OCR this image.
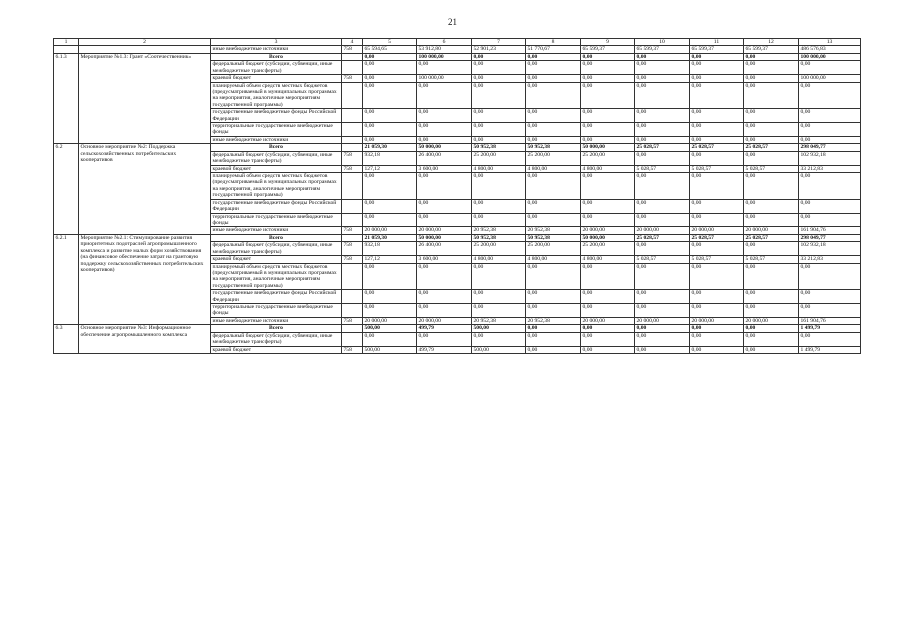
21
1	2	3	4	5	6	7	8	9	10	11	12	13
		иные внебюджетные источники	758	65 594,65	53 912,80	52 901,23	51 770,67	65 599,37	65 599,37	65 599,37	65 599,37	486 576,83
6.1.3	Мероприятие №1.3: Грант «Соотечественник»	Всего		0,00	100 000,00	0,00	0,00	0,00	0,00	0,00	0,00	100 000,00
		федеральный бюджет (субсидии, субвенции, иные межбюджетные трансферты)		0,00	0,00	0,00	0,00	0,00	0,00	0,00	0,00	0,00
		краевой бюджет	758	0,00	100 000,00	0,00	0,00	0,00	0,00	0,00	0,00	100 000,00
		планируемый объем средств местных бюджетов (предусматриваемый в муниципальных программах на мероприятия, аналогичные мероприятиям государственной программы)		0,00	0,00	0,00	0,00	0,00	0,00	0,00	0,00	0,00
		государственные внебюджетные фонды Российской Федерации		0,00	0,00	0,00	0,00	0,00	0,00	0,00	0,00	0,00
		территориальные государственные внебюджетные фонды		0,00	0,00	0,00	0,00	0,00	0,00	0,00	0,00	0,00
		иные внебюджетные источники		0,00	0,00	0,00	0,00	0,00	0,00	0,00	0,00	0,00
6.2	Основное мероприятие №2: Поддержка сельскохозяйственных потребительских кооперативов	Всего		21 059,30	50 000,00	50 952,38	50 952,38	50 000,00	25 028,57	25 028,57	25 028,57	298 049,77
		федеральный бюджет (субсидии, субвенции, иные межбюджетные трансферты)	758	932,18	26 400,00	25 200,00	25 200,00	25 200,00	0,00	0,00	0,00	102 932,18
		краевой бюджет	758	127,12	3 600,00	4 800,00	4 800,00	4 800,00	5 028,57	5 028,57	5 028,57	33 212,83
		планируемый объем средств местных бюджетов (предусматриваемый в муниципальных программах на мероприятия, аналогичные мероприятиям государственной программы)		0,00	0,00	0,00	0,00	0,00	0,00	0,00	0,00	0,00
		государственные внебюджетные фонды Российской Федерации		0,00	0,00	0,00	0,00	0,00	0,00	0,00	0,00	0,00
		территориальные государственные внебюджетные фонды		0,00	0,00	0,00	0,00	0,00	0,00	0,00	0,00	0,00
		иные внебюджетные источники	758	20 000,00	20 000,00	20 952,38	20 952,38	20 000,00	20 000,00	20 000,00	20 000,00	161 904,76
6.2.1	Мероприятие №2.1: Стимулирование развития приоритетных подотраслей агропромышленного комплекса и развитие малых форм хозяйствования (на финансовое обеспечение затрат на грантовую поддержку сельскохозяйственных потребительских кооперативов)	Всего		21 059,30	50 000,00	50 952,38	50 952,38	50 000,00	25 028,57	25 028,57	25 028,57	298 049,77
		федеральный бюджет (субсидии, субвенции, иные межбюджетные трансферты)	758	932,18	26 400,00	25 200,00	25 200,00	25 200,00	0,00	0,00	0,00	102 932,18
		краевой бюджет	758	127,12	3 600,00	4 800,00	4 800,00	4 800,00	5 028,57	5 028,57	5 028,57	33 212,83
		планируемый объем средств местных бюджетов (предусматриваемый в муниципальных программах на мероприятия, аналогичные мероприятиям государственной программы)		0,00	0,00	0,00	0,00	0,00	0,00	0,00	0,00	0,00
		государственные внебюджетные фонды Российской Федерации		0,00	0,00	0,00	0,00	0,00	0,00	0,00	0,00	0,00
		территориальные государственные внебюджетные фонды		0,00	0,00	0,00	0,00	0,00	0,00	0,00	0,00	0,00
		иные внебюджетные источники	758	20 000,00	20 000,00	20 952,38	20 952,38	20 000,00	20 000,00	20 000,00	20 000,00	161 904,76
6.3	Основное мероприятие №3: Информационное обеспечение агропромышленного комплекса	Всего		500,00	499,79	500,00	0,00	0,00	0,00	0,00	0,00	1 499,79
		федеральный бюджет (субсидии, субвенции, иные межбюджетные трансферты)		0,00	0,00	0,00	0,00	0,00	0,00	0,00	0,00	0,00
		краевой бюджет	758	500,00	499,79	500,00	0,00	0,00	0,00	0,00	0,00	1 499,79
